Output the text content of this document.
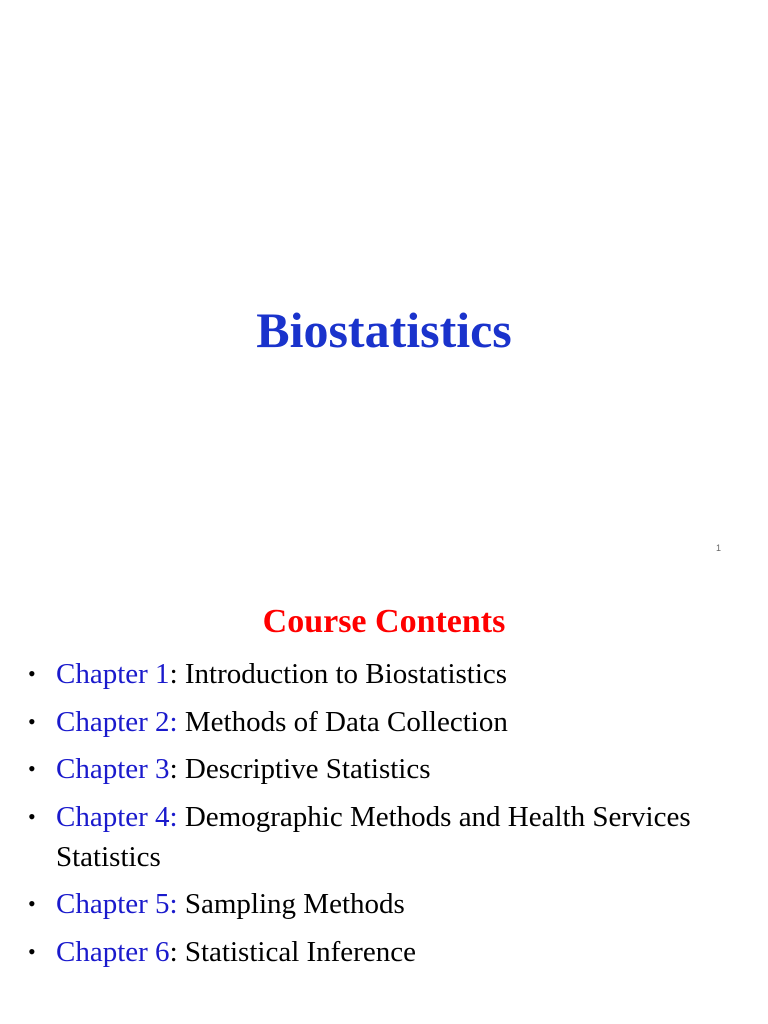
Biostatistics
1
Course Contents
• Chapter 1: Introduction to Biostatistics
• Chapter 2: Methods of Data Collection
• Chapter 3: Descriptive Statistics
• Chapter 4: Demographic Methods and Health Services Statistics
• Chapter 5: Sampling Methods
• Chapter 6: Statistical Inference
